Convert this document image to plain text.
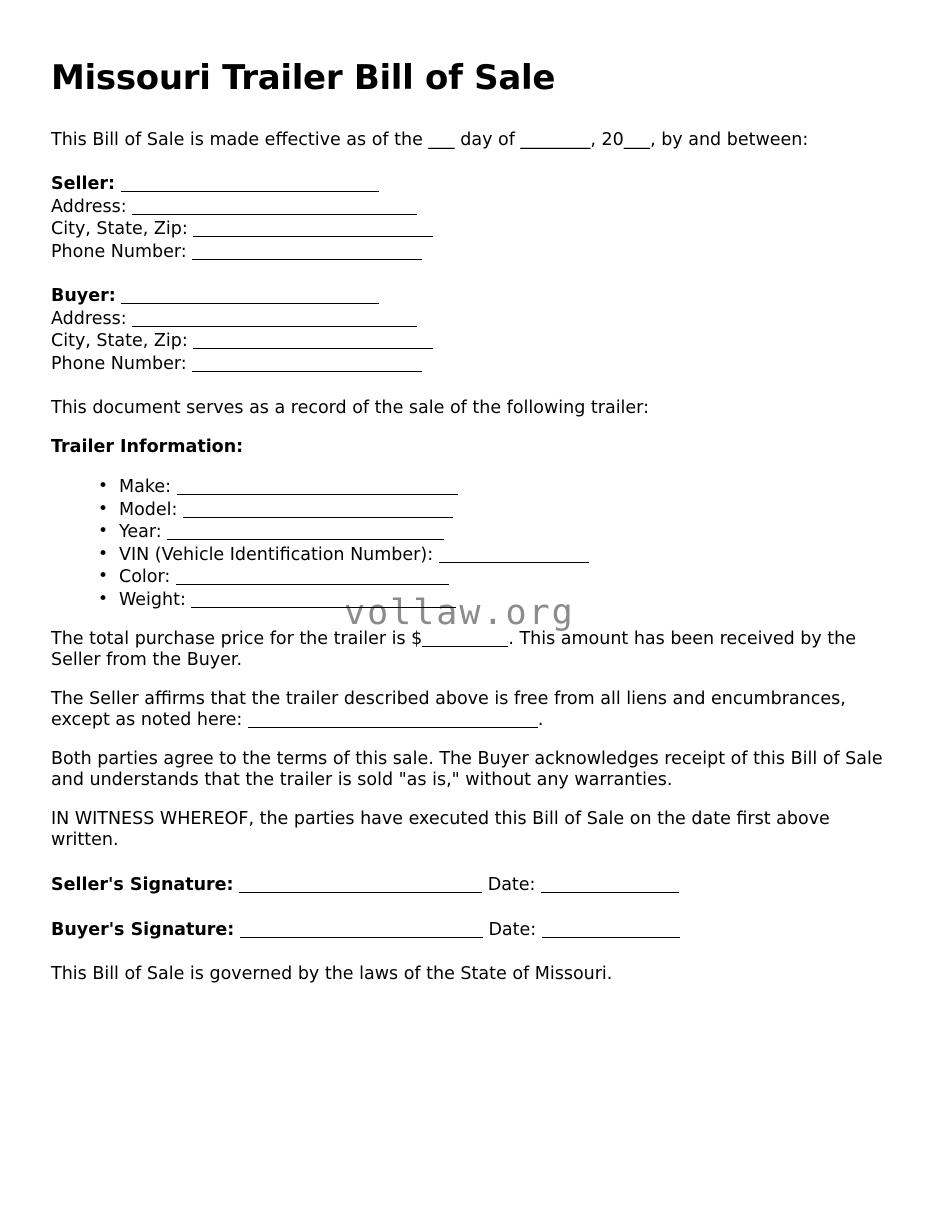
vollaw.org
Missouri Trailer Bill of Sale

This Bill of Sale is made effective as of the ___ day of ________, 20___, by and between:

Seller:
Address:
City, State, Zip:
Phone Number:
Buyer:
Address:
City, State, Zip:
Phone Number:

This document serves as a record of the sale of the following trailer:

Trailer Information:

• Make:
• Model:
• Year:
• VIN (Vehicle Identification Number):
• Color:
• Weight:

The total purchase price for the trailer is $	. This amount has been received by the Seller from the Buyer.

The Seller affirms that the trailer described above is free from all liens and encumbrances, except as noted here:	.

Both parties agree to the terms of this sale. The Buyer acknowledges receipt of this Bill of Sale and understands that the trailer is sold "as is," without any warranties.

IN WITNESS WHEREOF, the parties have executed this Bill of Sale on the date first above written.

Seller's Signature:	Date:
Buyer's Signature:	Date:

This Bill of Sale is governed by the laws of the State of Missouri.
